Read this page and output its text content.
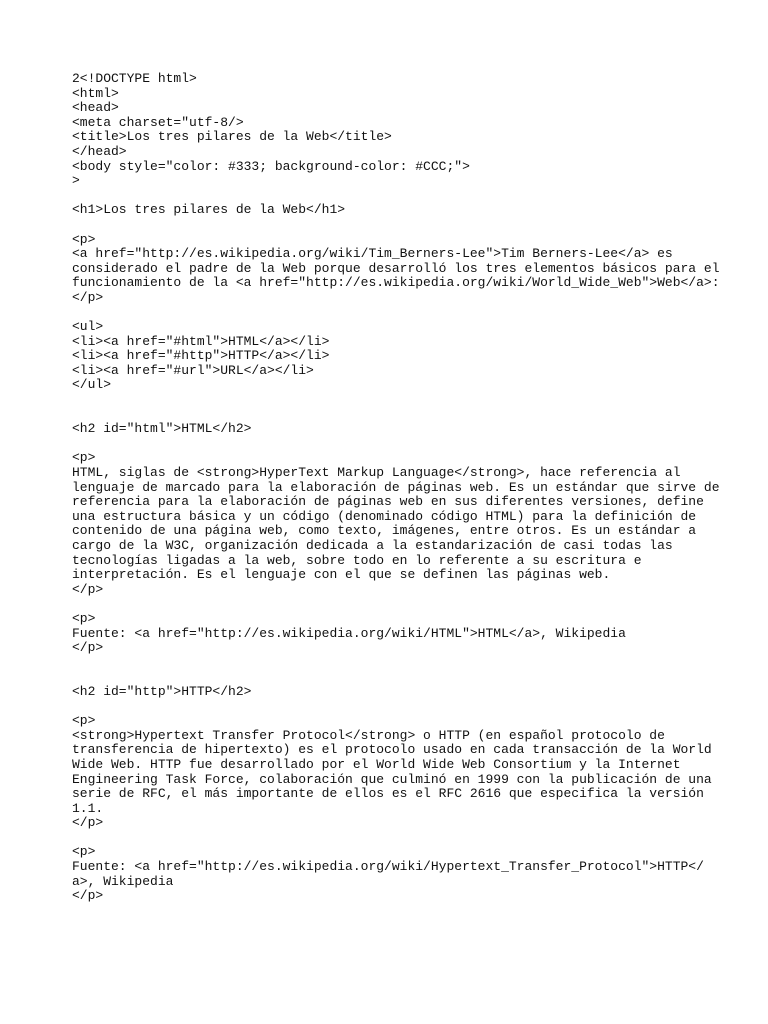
2<!DOCTYPE html>
<html>
<head>
<meta charset="utf-8/>
<title>Los tres pilares de la Web</title>
</head>
<body style="color: #333; background-color: #CCC;">
>
<h1>Los tres pilares de la Web</h1>
<p>
<a href="http://es.wikipedia.org/wiki/Tim_Berners-Lee">Tim Berners-Lee</a> es
considerado el padre de la Web porque desarrolló los tres elementos básicos para el
funcionamiento de la <a href="http://es.wikipedia.org/wiki/World_Wide_Web">Web</a>:
</p>
<ul>
<li><a href="#html">HTML</a></li>
<li><a href="#http">HTTP</a></li>
<li><a href="#url">URL</a></li>
</ul>
<h2 id="html">HTML</h2>
<p>
HTML, siglas de <strong>HyperText Markup Language</strong>, hace referencia al
lenguaje de marcado para la elaboración de páginas web. Es un estándar que sirve de
referencia para la elaboración de páginas web en sus diferentes versiones, define
una estructura básica y un código (denominado código HTML) para la definición de
contenido de una página web, como texto, imágenes, entre otros. Es un estándar a
cargo de la W3C, organización dedicada a la estandarización de casi todas las
tecnologías ligadas a la web, sobre todo en lo referente a su escritura e
interpretación. Es el lenguaje con el que se definen las páginas web.
</p>
<p>
Fuente: <a href="http://es.wikipedia.org/wiki/HTML">HTML</a>, Wikipedia
</p>
<h2 id="http">HTTP</h2>
<p>
<strong>Hypertext Transfer Protocol</strong> o HTTP (en español protocolo de
transferencia de hipertexto) es el protocolo usado en cada transacción de la World
Wide Web. HTTP fue desarrollado por el World Wide Web Consortium y la Internet
Engineering Task Force, colaboración que culminó en 1999 con la publicación de una
serie de RFC, el más importante de ellos es el RFC 2616 que especifica la versión
1.1.
</p>
<p>
Fuente: <a href="http://es.wikipedia.org/wiki/Hypertext_Transfer_Protocol">HTTP</
a>, Wikipedia
</p>
